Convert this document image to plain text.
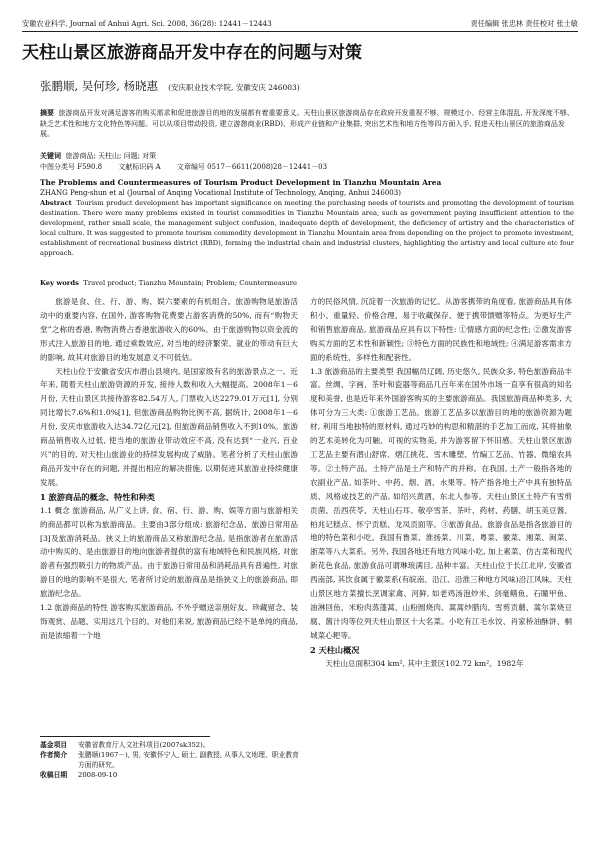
安徽农业科学, Journal of Anhui Agri. Sci. 2008, 36(28): 12441－12443	责任编辑 张忠林 责任校对 张士敏
天柱山景区旅游商品开发中存在的问题与对策
张鹏顺, 吴何珍, 杨晓惠 (安庆职业技术学院, 安徽安庆 246003)
摘要 旅游商品开发对满足游客的购买需求和促进旅游目的地的发展都有着重要意义。天柱山景区旅游商品存在政府开发重视不够、规模过小、经营主体混乱, 开发深度不够、缺乏艺术性和地方文化特色等问题。可以从项目带动投资, 建立游憩商业(RBD)、形成产业链和产业集群, 突出艺术性和地方性等四方面入手, 促进天柱山景区的旅游商品发展。
关键词 旅游商品; 天柱山; 问题; 对策
中图分类号 F590.8 文献标识码 A 文章编号 0517－6611(2008)28－12441－03
The Problems and Countermeasures of Tourism Product Development in Tianzhu Mountain Area
ZHANG Peng-shun et al (Journal of Anqing Vocational Institute of Technology, Anqing, Anhui 246003)
Abstract Tourism product development has important significance on meeting the purchasing needs of tourists and promoting the development of tourism destination. There were many problems existed in tourist commodities in Tianzhu Mountain area, such as government paying insufficient attention to the development, rather small scale, the management subject confusion, inadequate depth of development, the deficiency of artistry and the characteristics of local culture. It was suggested to promote tourism commodity development in Tianzhu Mountain area from depending on the project to promote investment, establishment of recreational business district (RBD), forming the industrial chain and industrial clusters, highlighting the artistry and local culture etc four approach.
Key words Travel product; Tianzhu Mountain; Problem; Countermeasure

旅游是食、住、行、游、购、娱六要素的有机组合。旅游购物是旅游活动中的重要内容, 在国外, 游客购物花费要占游客消费的50%, 而有“购物天堂”之称的香港, 购物消费占香港旅游收入的60%。由于旅游购物以资金流的形式注入旅游目的地, 通过乘数效应, 对当地的经济繁荣、就业的带动有巨大的影响, 故其对旅游目的地发展意义不可低估。

天柱山位于安徽省安庆市潜山县境内, 是国家级有名的旅游景点之一。近年来, 随着天柱山旅游资源的开发, 接待人数和收入大幅提高。2008年1－6月份, 天柱山景区共接待游客82.54万人, 门票收入达2279.01万元[1], 分别同比增长7.6%和1.0%[1], 但旅游商品购物比例不高, 据统计, 2008年1－6月份, 安庆市旅游收入达34.72亿元[2], 但旅游商品销售收入不到10%。旅游商品销售收入过低, 使当地的旅游业带动效应不高, 没有达到“一业兴, 百业兴”的目的, 对天柱山旅游业的持续发展构成了威胁。笔者分析了天柱山旅游商品开发中存在的问题, 并提出相应的解决措施, 以期促进其旅游业持续健康发展。

1 旅游商品的概念、特性和种类

1.1 概念 旅游商品, 从广义上讲, 食、宿、行、游、购、娱等方面与旅游相关的商品都可以称为旅游商品。主要由3部分组成: 旅游纪念品、旅游日常用品[3]及旅游消耗品。狭义上的旅游商品又称旅游纪念品, 是指旅游者在旅游活动中购买的、是由旅游目的地向旅游者提供的富有地域特色和民族风格, 对旅游者有强烈吸引力的物质产品。由于旅游日常用品和消耗品具有普遍性, 对旅游目的地的影响不是很大, 笔者所讨论的旅游商品是指狭义上的旅游商品, 即旅游纪念品。

1.2 旅游商品的特性 游客购买旅游商品, 不外乎赠送亲朋好友、珍藏留念、装饰观赏、品题、实用这几个目的。对他们来说, 旅游商品已经不是单纯的商品, 而是浓缩着一个地

方的民俗风情, 沉淀着一次旅游的记忆。从游客携带的角度看, 旅游商品具有体积小、重量轻、价格合理、易于收藏保存、便于携带馈赠等特点。为更好生产和销售旅游商品, 旅游商品应具有以下特性: ①情感方面的纪念性; ②激发游客购买方面的艺术性和新颖性; ③特色方面的民族性和地域性; ④满足游客需求方面的系统性、多样性和配套性。

1.3 旅游商品的主要类型 我国幅员辽阔, 历史悠久, 民族众多, 特色旅游商品丰富。丝绸、字画、茶叶和瓷器等商品几百年来在国外市场一直享有很高的知名度和美誉, 也是近年来外国游客购买的主要旅游商品。我国旅游商品种类多, 大体可分为三大类: ①旅游工艺品。旅游工艺品多以旅游目的地的旅游资源为题材, 利用当地独特的原材料, 通过巧妙的构思和精湛的手艺加工而成, 其将抽象的艺术美转化为可触、可视的实物美, 并为游客留下怀旧感。天柱山景区旅游工艺品主要有潜山舒席、熠江挑花、雪木雕塑、竹编工艺品、竹器、微缩农具等。②土特产品。土特产品是土产和特产的并称。在我国, 土产一般指各地的农副业产品, 如茶叶、中药、烟、酒、水果等。特产指各地土产中具有独特品质、风格或技艺的产品, 如绍兴黄酒、东北人参等。天柱山景区土特产有雪剪贡菌、岳西茯苓、天柱山石耳、敬亭雪茶、茶叶、药材、药膳、胡玉美豆酱、柏兆记糕点、怀宁贡糕、龙凤贡面等。③旅游食品。旅游食品是指各旅游目的地的特色菜和小吃。我国有鲁菜、淮扬菜、川菜、粤菜、徽菜、湘菜、闽菜、浙菜等八大菜系。另外, 我国各地还有地方风味小吃, 加上素菜、仿古菜和现代新花色食品, 旅游食品可谓琳琅满目, 品种丰富。天柱山位于长江北岸, 安徽省西南部, 其饮食属于徽菜系(有皖南、沿江、沿淮三种地方风味)沿江风味。天柱山景区地方菜擅长烹调家禽、河鲜, 如老鸡汤泡炒米、剑毫鳝鱼、石瞳甲鱼、油淋回鱼、米粉肉蒸蓬蒿、山粉圆烧肉、蒿蒿炒腊肉、雪剪贡蘑、蒿尔菜烧豆腐、酱汁肉等位列天柱山景区十大名菜。小吃有江毛水饺、肖家桥油酥饼、桐城菜心粑等。

2 天柱山概况

天柱山总面积304 km², 其中主景区102.72 km²。1982年

基金项目 安徽省教育厅人文社科项目(2007sk352)。
作者简介 张鹏顺(1967－), 男, 安徽怀宁人, 硕士, 副教授, 从事人文地理、职业教育方面的研究。
收稿日期 2008-09-10
